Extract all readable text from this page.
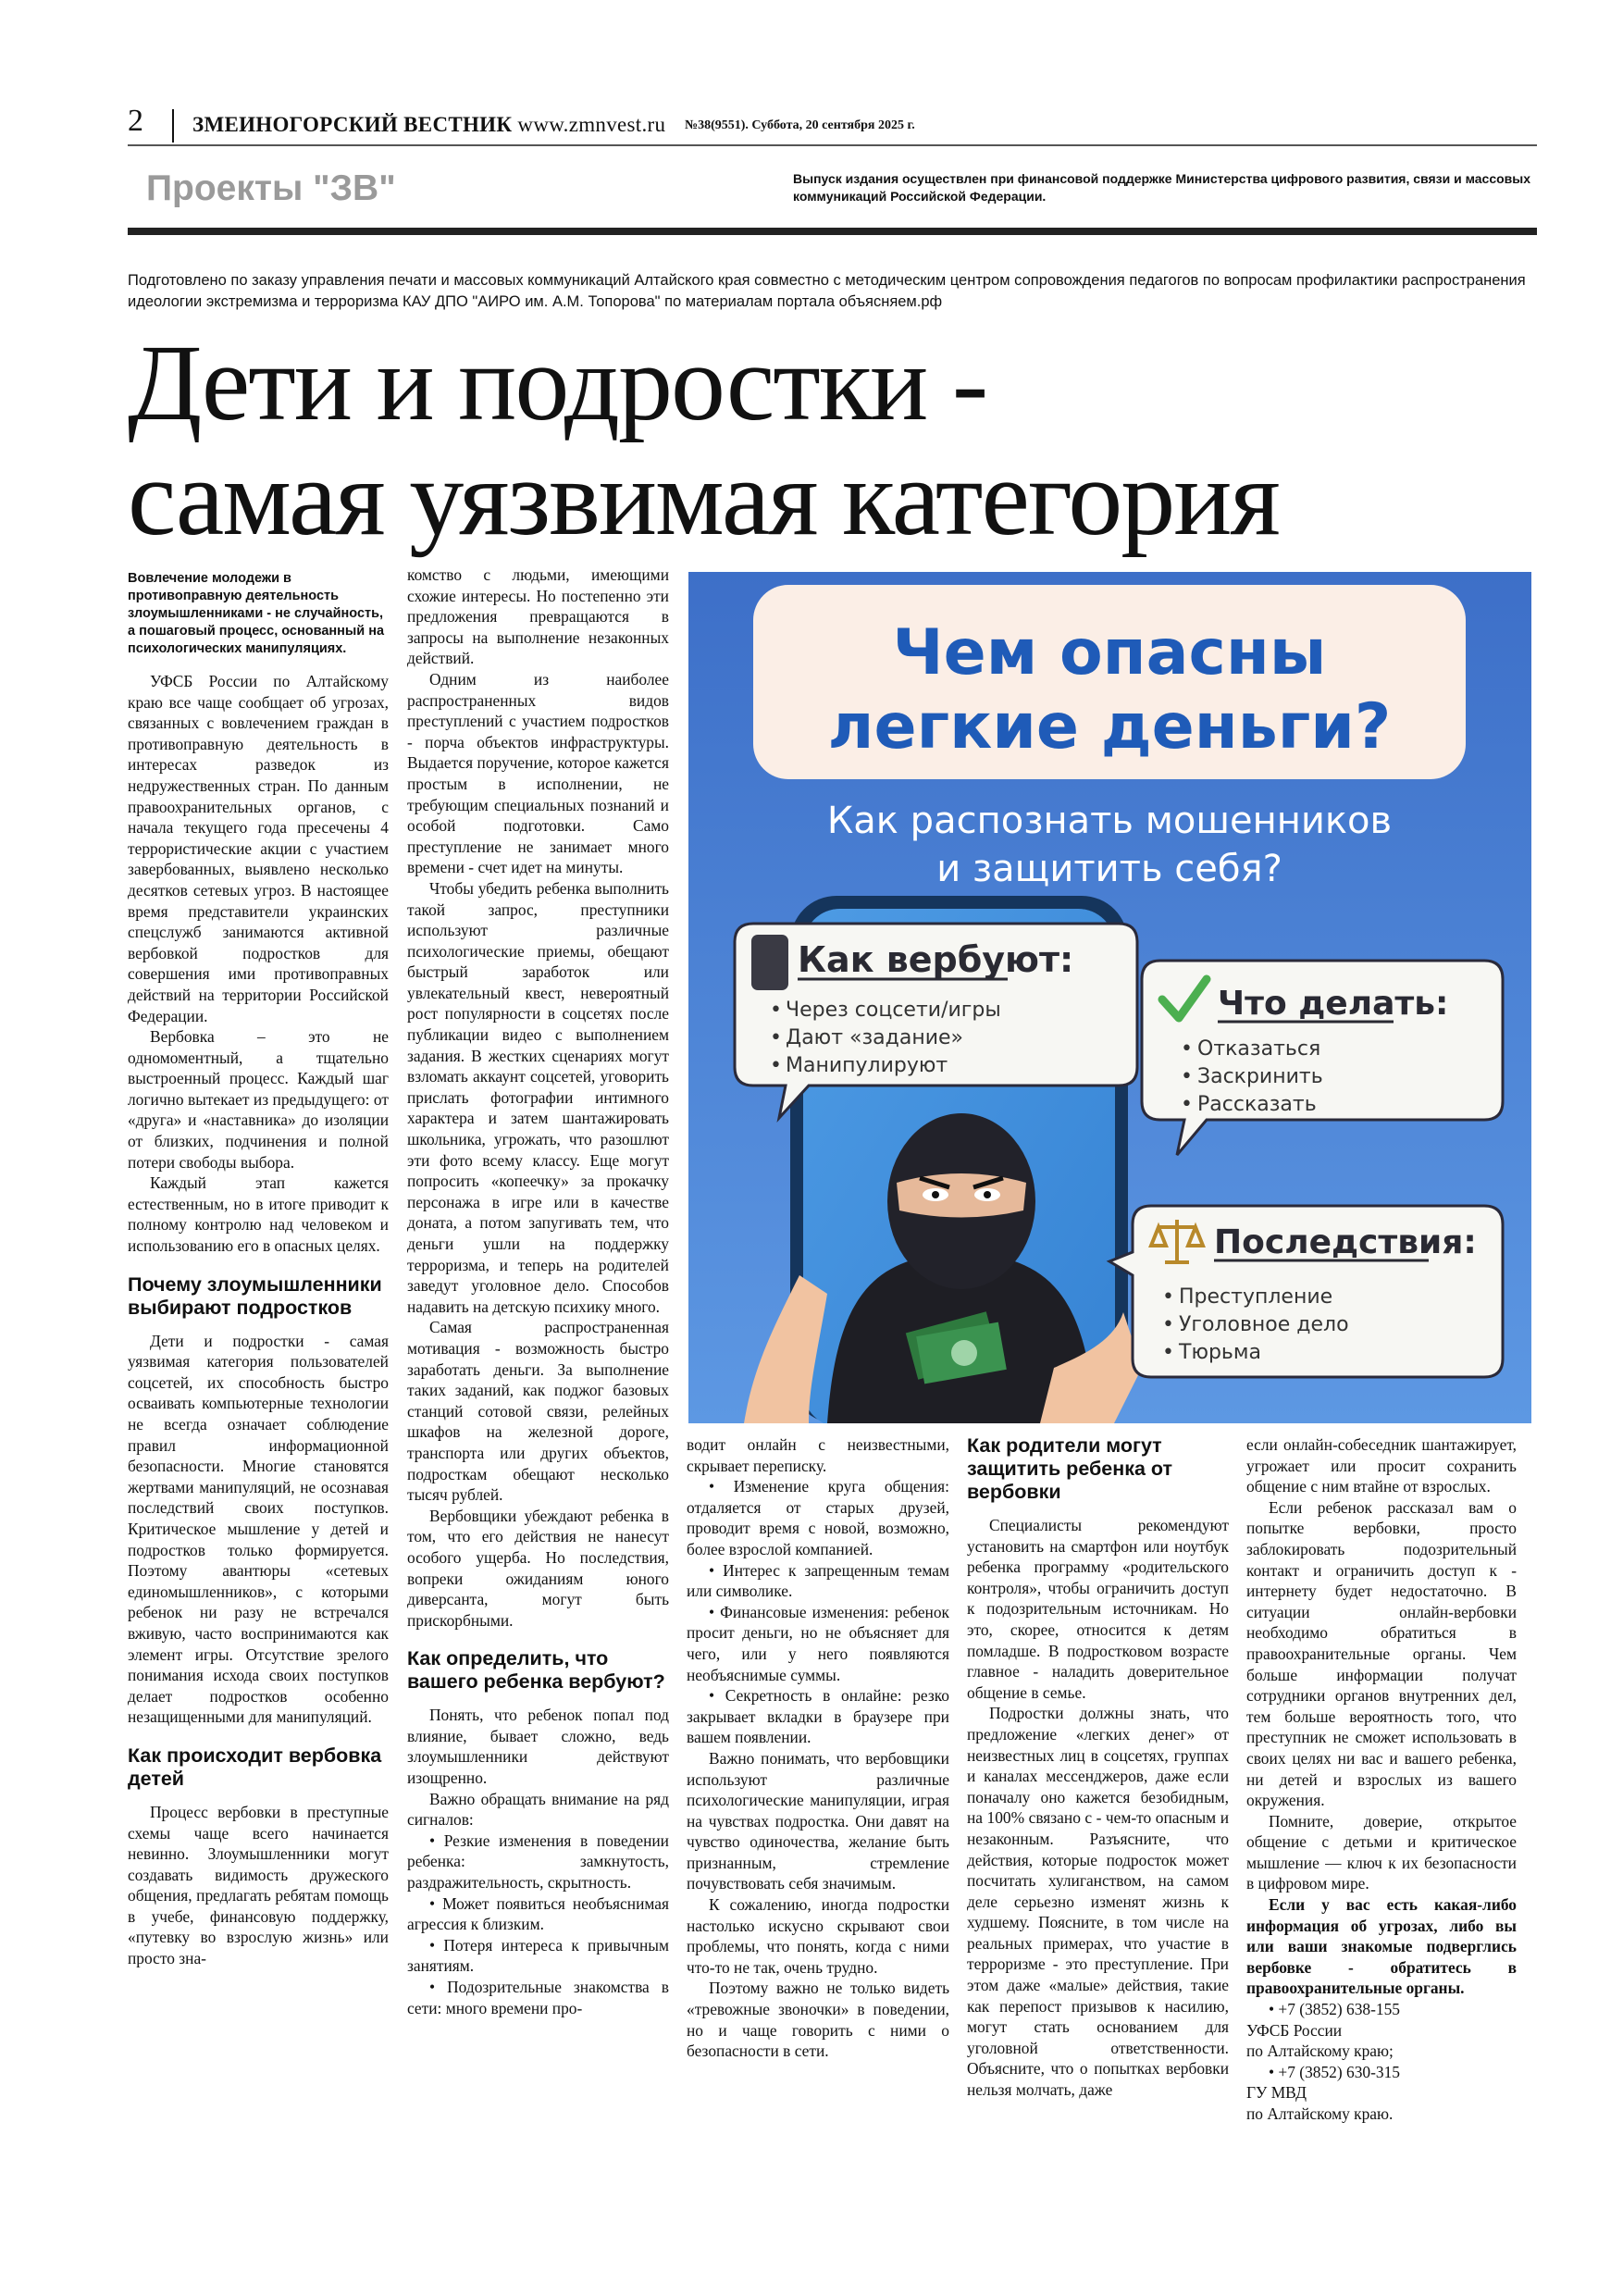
2 ЗМЕИНОГОРСКИЙ ВЕСТНИК www.zmnvest.ru №38(9551). Суббота, 20 сентября 2025 г.
Проекты "ЗВ"	Выпуск издания осуществлен при финансовой поддержке Министерства цифрового развития, связи и массовых коммуникаций Российской Федерации.
Подготовлено по заказу управления печати и массовых коммуникаций Алтайского края совместно с методическим центром сопровождения педагогов по вопросам профилактики распространения идеологии экстремизма и терроризма КАУ ДПО "АИРО им. А.М. Топорова" по материалам портала объясняем.рф
Дети и подростки -
самая уязвимая категория

Вовлечение молодежи в противоправную деятельность злоумышленниками - не случайность, а пошаговый процесс, основанный на психологических манипуляциях.

УФСБ России по Алтайскому краю все чаще сообщает об угрозах, связанных с вовлечением граждан в противоправную деятельность в интересах разведок из недружественных стран. По данным правоохранительных органов, с начала текущего года пресечены 4 террористические акции с участием завербованных, выявлено несколько десятков сетевых угроз. В настоящее время представители украинских спецслужб занимаются активной вербовкой подростков для совершения ими противоправных действий на территории Российской Федерации.

Вербовка – это не одномоментный, а тщательно выстроенный процесс. Каждый шаг логично вытекает из предыдущего: от «друга» и «наставника» до изоляции от близких, подчинения и полной потери свободы выбора.

Каждый этап кажется естественным, но в итоге приводит к полному контролю над человеком и использованию его в опасных целях.

Почему злоумышленники выбирают подростков

Дети и подростки - самая уязвимая категория пользователей соцсетей, их способность быстро осваивать компьютерные технологии не всегда означает соблюдение правил информационной безопасности. Многие становятся жертвами манипуляций, не осознавая последствий своих поступков. Критическое мышление у детей и подростков только формируется. Поэтому авантюры «сетевых единомышленников», с которыми ребенок ни разу не встречался вживую, часто воспринимаются как элемент игры. Отсутствие зрелого понимания исхода своих поступков делает подростков особенно незащищенными для манипуляций.

Как происходит вербовка детей

Процесс вербовки в преступные схемы чаще всего начинается невинно. Злоумышленники могут создавать видимость дружеского общения, предлагать ребятам помощь в учебе, финансовую поддержку, «путевку во взрослую жизнь» или просто зна-

комство с людьми, имеющими схожие интересы. Но постепенно эти предложения превращаются в запросы на выполнение незаконных действий.

Одним из наиболее распространенных видов преступлений с участием подростков - порча объектов инфраструктуры. Выдается поручение, которое кажется простым в исполнении, не требующим специальных познаний и особой подготовки. Само преступление не занимает много времени - счет идет на минуты.

Чтобы убедить ребенка выполнить такой запрос, преступники используют различные психологические приемы, обещают быстрый заработок или увлекательный квест, невероятный рост популярности в соцсетях после публикации видео с выполнением задания. В жестких сценариях могут взломать аккаунт соцсетей, уговорить прислать фотографии интимного характера и затем шантажировать школьника, угрожать, что разошлют эти фото всему классу. Еще могут попросить «копеечку» за прокачку персонажа в игре или в качестве доната, а потом запугивать тем, что деньги ушли на поддержку терроризма, и теперь на родителей заведут уголовное дело. Способов надавить на детскую психику много.

Самая распространенная мотивация - возможность быстро заработать деньги. За выполнение таких заданий, как поджог базовых станций сотовой связи, релейных шкафов на железной дороге, транспорта или других объектов, подросткам обещают несколько тысяч рублей.

Вербовщики убеждают ребенка в том, что его действия не нанесут особого ущерба. Но последствия, вопреки ожиданиям юного диверсанта, могут быть прискорбными.

Как определить, что вашего ребенка вербуют?

Понять, что ребенок попал под влияние, бывает сложно, ведь злоумышленники действуют изощренно.

Важно обращать внимание на ряд сигналов:

• Резкие изменения в поведении ребенка: замкнутость, раздражительность, скрытность.

• Может появиться необъяснимая агрессия к близким.

• Потеря интереса к привычным занятиям.

• Подозрительные знакомства в сети: много времени про-

Чем опасны
легкие деньги?
Как распознать мошенников
и защитить себя?
Как вербуют:
• Через соцсети/игры
• Дают «задание»
• Манипулируют
Что делать:
• Отказаться
• Заскринить
• Рассказать
Последствия:
• Преступление
• Уголовное дело
• Тюрьма

водит онлайн с неизвестными, скрывает переписку.

• Изменение круга общения: отдаляется от старых друзей, проводит время с новой, возможно, более взрослой компанией.

• Интерес к запрещенным темам или символике.

• Финансовые изменения: ребенок просит деньги, но не объясняет для чего, или у него появляются необъяснимые суммы.

• Секретность в онлайне: резко закрывает вкладки в браузере при вашем появлении.

Важно понимать, что вербовщики используют различные психологические манипуляции, играя на чувствах подростка. Они давят на чувство одиночества, желание быть признанным, стремление почувствовать себя значимым.

К сожалению, иногда подростки настолько искусно скрывают свои проблемы, что понять, когда с ними что-то не так, очень трудно.

Поэтому важно не только видеть «тревожные звоночки» в поведении, но и чаще говорить с ними о безопасности в сети.

Как родители могут защитить ребенка от вербовки

Специалисты рекомендуют установить на смартфон или ноутбук ребенка программу «родительского контроля», чтобы ограничить доступ к подозрительным источникам. Но это, скорее, относится к детям помладше. В подростковом возрасте главное - наладить доверительное общение в семье.

Подростки должны знать, что предложение «легких денег» от неизвестных лиц в соцсетях, группах и каналах мессенджеров, даже если поначалу оно кажется безобидным, на 100% связано с - чем-то опасным и незаконным. Разъясните, что действия, которые подросток может посчитать хулиганством, на самом деле серьезно изменят жизнь к худшему. Поясните, в том числе на реальных примерах, что участие в терроризме - это преступление. При этом даже «малые» действия, такие как перепост призывов к насилию, могут стать основанием для уголовной ответственности. Объясните, что о попытках вербовки нельзя молчать, даже

если онлайн-собеседник шантажирует, угрожает или просит сохранить общение с ним втайне от взрослых.

Если ребенок рассказал вам о попытке вербовки, просто заблокировать подозрительный контакт и ограничить доступ к - интернету будет недостаточно. В ситуации онлайн-вербовки необходимо обратиться в правоохранительные органы. Чем больше информации получат сотрудники органов внутренних дел, тем больше вероятность того, что преступник не сможет использовать в своих целях ни вас и вашего ребенка, ни детей и взрослых из вашего окружения.

Помните, доверие, открытое общение с детьми и критическое мышление — ключ к их безопасности в цифровом мире.

Если у вас есть какая-либо информация об угрозах, либо вы или ваши знакомые подверглись вербовке - обратитесь в правоохранительные органы.

• +7 (3852) 638-155

УФСБ России

по Алтайскому краю;

• +7 (3852) 630-315

ГУ МВД

по Алтайскому краю.
